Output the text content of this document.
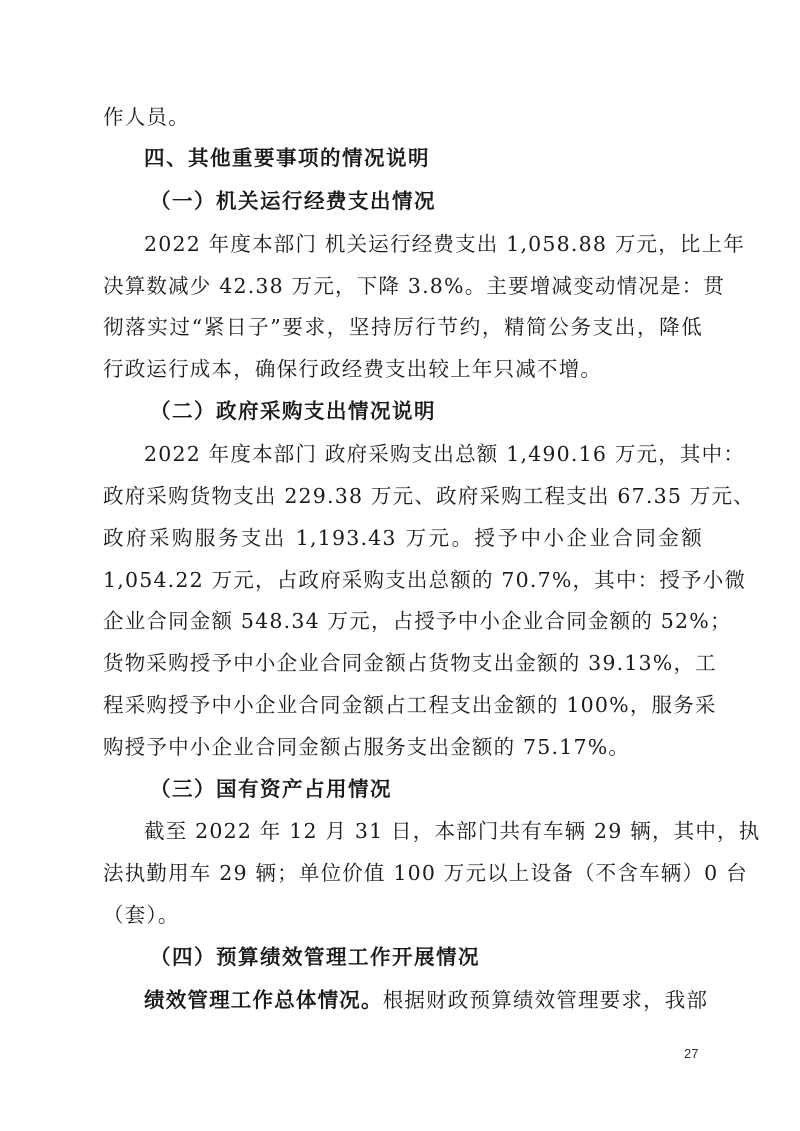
作人员。
四、其他重要事项的情况说明
（一）机关运行经费支出情况
2022 年度本部门 机关运行经费支出 1,058.88 万元，比上年
决算数减少 42.38 万元，下降 3.8%。主要增减变动情况是：贯
彻落实过“紧日子”要求，坚持厉行节约，精简公务支出，降低
行政运行成本，确保行政经费支出较上年只减不增。
（二）政府采购支出情况说明
2022 年度本部门 政府采购支出总额 1,490.16 万元，其中：
政府采购货物支出 229.38 万元、政府采购工程支出 67.35 万元、
政府采购服务支出 1,193.43 万元。授予中小企业合同金额
1,054.22 万元，占政府采购支出总额的 70.7%，其中：授予小微
企业合同金额 548.34 万元，占授予中小企业合同金额的 52%；
货物采购授予中小企业合同金额占货物支出金额的 39.13%，工
程采购授予中小企业合同金额占工程支出金额的 100%，服务采
购授予中小企业合同金额占服务支出金额的 75.17%。
（三）国有资产占用情况
截至 2022 年 12 月 31 日，本部门共有车辆 29 辆，其中，执
法执勤用车 29 辆；单位价值 100 万元以上设备（不含车辆）0 台
（套）。
（四）预算绩效管理工作开展情况
绩效管理工作总体情况。根据财政预算绩效管理要求，我部
27
